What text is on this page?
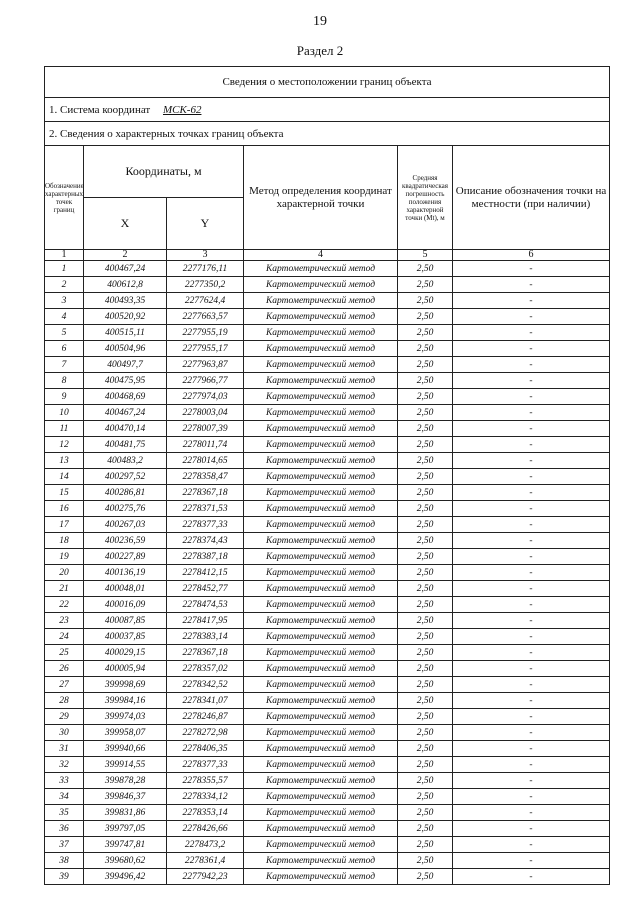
19
Раздел 2
Сведения о местоположении границ объекта					
1. Система координат МСК-62					
2. Сведения о характерных точках границ объекта					
Обозначение характерных точек границ	Координаты, м		Метод определения координат характерной точки	Средняя квадратическая погрешность положения характерной точки (Mt), м	Описание обозначения точки на местности (при наличии)
	X	Y			
1	2	3	4	5	6
1	400467,24	2277176,11	Картометрический метод	2,50	-
2	400612,8	2277350,2	Картометрический метод	2,50	-
3	400493,35	2277624,4	Картометрический метод	2,50	-
4	400520,92	2277663,57	Картометрический метод	2,50	-
5	400515,11	2277955,19	Картометрический метод	2,50	-
6	400504,96	2277955,17	Картометрический метод	2,50	-
7	400497,7	2277963,87	Картометрический метод	2,50	-
8	400475,95	2277966,77	Картометрический метод	2,50	-
9	400468,69	2277974,03	Картометрический метод	2,50	-
10	400467,24	2278003,04	Картометрический метод	2,50	-
11	400470,14	2278007,39	Картометрический метод	2,50	-
12	400481,75	2278011,74	Картометрический метод	2,50	-
13	400483,2	2278014,65	Картометрический метод	2,50	-
14	400297,52	2278358,47	Картометрический метод	2,50	-
15	400286,81	2278367,18	Картометрический метод	2,50	-
16	400275,76	2278371,53	Картометрический метод	2,50	-
17	400267,03	2278377,33	Картометрический метод	2,50	-
18	400236,59	2278374,43	Картометрический метод	2,50	-
19	400227,89	2278387,18	Картометрический метод	2,50	-
20	400136,19	2278412,15	Картометрический метод	2,50	-
21	400048,01	2278452,77	Картометрический метод	2,50	-
22	400016,09	2278474,53	Картометрический метод	2,50	-
23	400087,85	2278417,95	Картометрический метод	2,50	-
24	400037,85	2278383,14	Картометрический метод	2,50	-
25	400029,15	2278367,18	Картометрический метод	2,50	-
26	400005,94	2278357,02	Картометрический метод	2,50	-
27	399998,69	2278342,52	Картометрический метод	2,50	-
28	399984,16	2278341,07	Картометрический метод	2,50	-
29	399974,03	2278246,87	Картометрический метод	2,50	-
30	399958,07	2278272,98	Картометрический метод	2,50	-
31	399940,66	2278406,35	Картометрический метод	2,50	-
32	399914,55	2278377,33	Картометрический метод	2,50	-
33	399878,28	2278355,57	Картометрический метод	2,50	-
34	399846,37	2278334,12	Картометрический метод	2,50	-
35	399831,86	2278353,14	Картометрический метод	2,50	-
36	399797,05	2278426,66	Картометрический метод	2,50	-
37	399747,81	2278473,2	Картометрический метод	2,50	-
38	399680,62	2278361,4	Картометрический метод	2,50	-
39	399496,42	2277942,23	Картометрический метод	2,50	-
